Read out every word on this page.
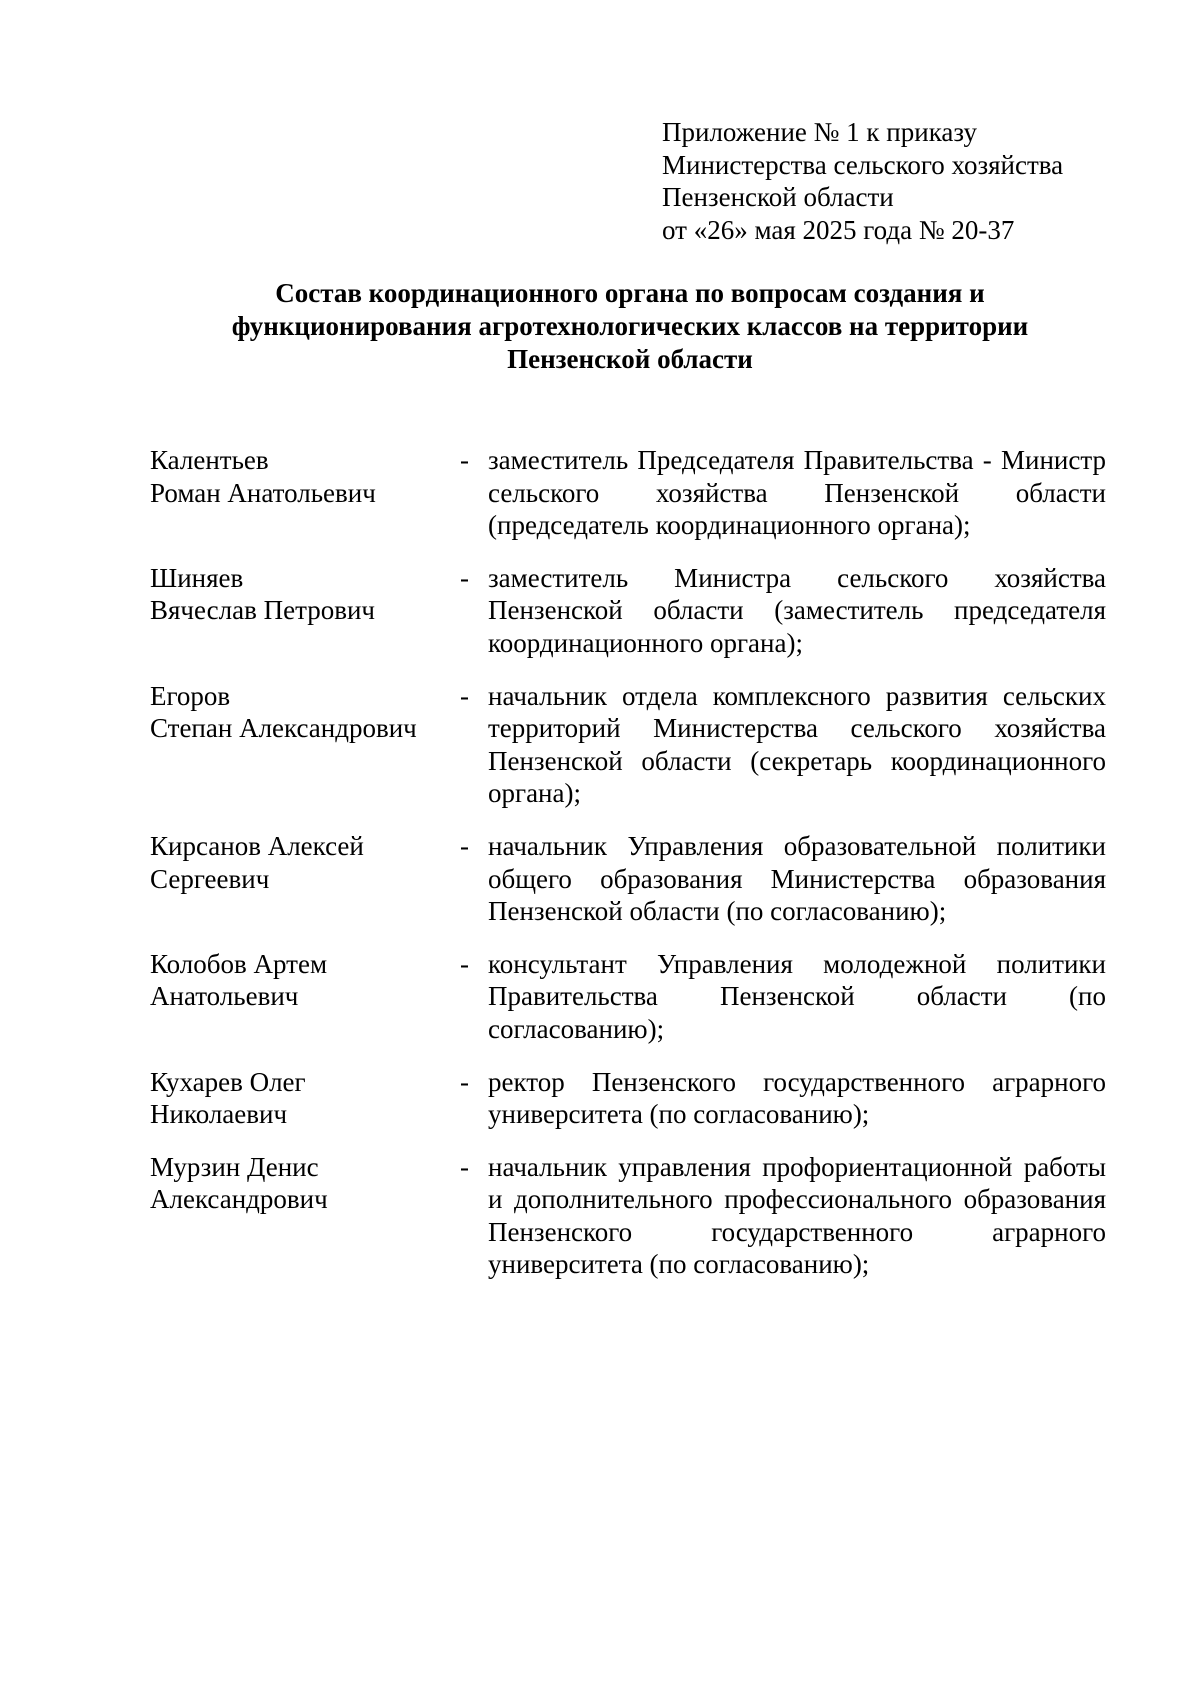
Приложение № 1 к приказу
Министерства сельского хозяйства
Пензенской области
от «26» мая 2025 года № 20-37
Состав координационного органа по вопросам создания и
функционирования агротехнологических классов на территории
Пензенской области
Калентьев
Роман Анатольевич
- заместитель Председателя Правительства - Министр сельского хозяйства Пензенской области (председатель координационного органа);
Шиняев
Вячеслав Петрович
- заместитель Министра сельского хозяйства Пензенской области (заместитель председателя координационного органа);
Егоров
Степан Александрович
- начальник отдела комплексного развития сельских территорий Министерства сельского хозяйства Пензенской области (секретарь координационного органа);
Кирсанов Алексей
Сергеевич
- начальник Управления образовательной политики общего образования Министерства образования Пензенской области (по согласованию);
Колобов Артем
Анатольевич
- консультант Управления молодежной политики Правительства Пензенской области (по согласованию);
Кухарев Олег
Николаевич
- ректор Пензенского государственного аграрного университета (по согласованию);
Мурзин Денис
Александрович
- начальник управления профориентационной работы и дополнительного профессионального образования Пензенского государственного аграрного университета (по согласованию);
